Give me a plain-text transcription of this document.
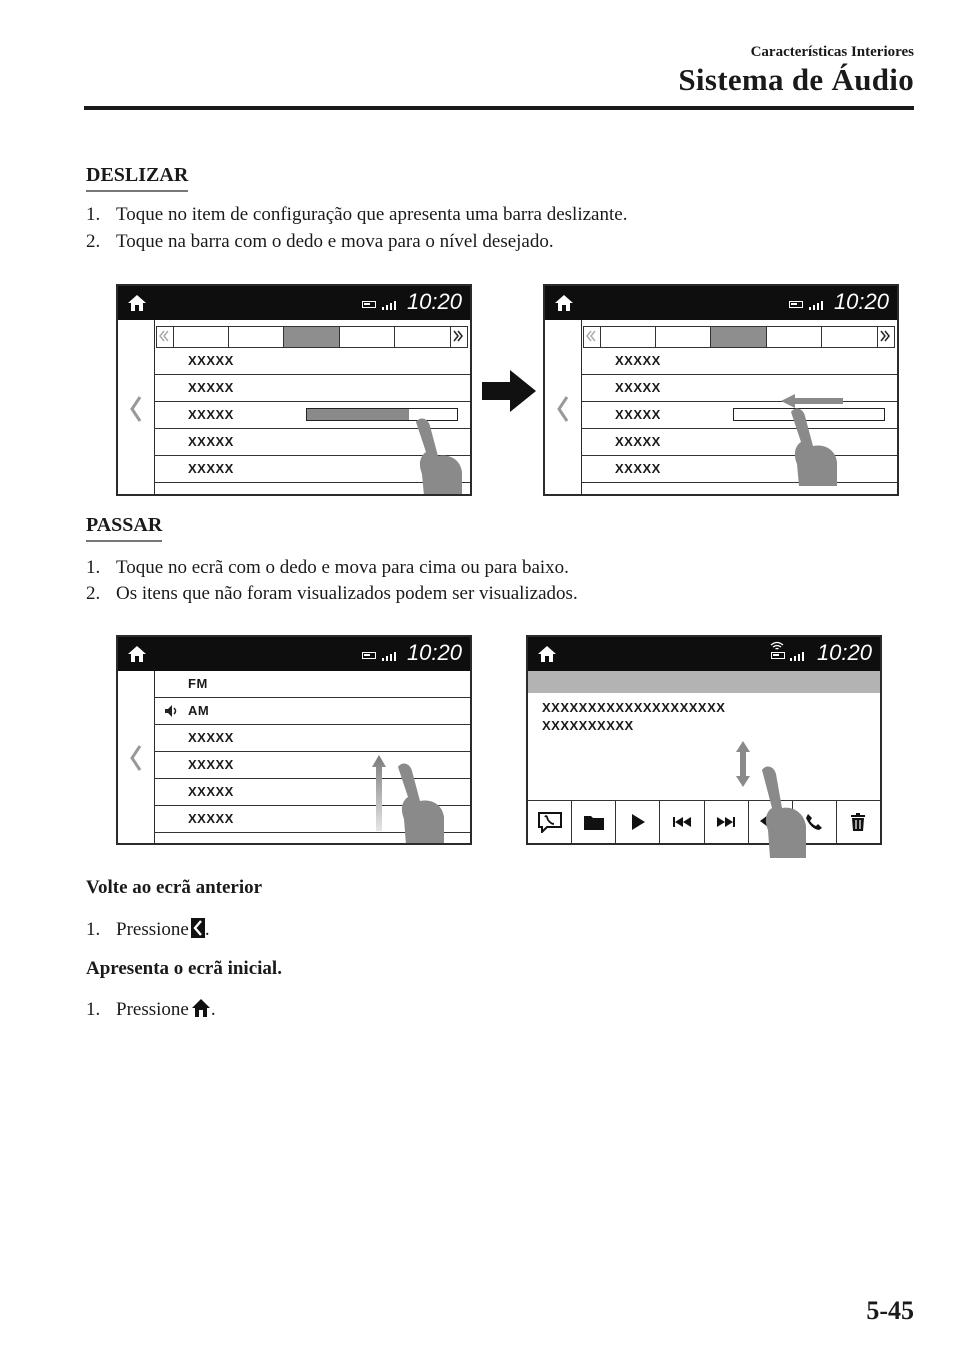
Características Interiores
Sistema de Áudio
DESLIZAR
1. Toque no item de configuração que apresenta uma barra deslizante.
2. Toque na barra com o dedo e mova para o nível desejado.
10:20
XXXXX
XXXXX
XXXXX
XXXXX
XXXXX
10:20
XXXXX
XXXXX
XXXXX
XXXXX
XXXXX
PASSAR
1. Toque no ecrã com o dedo e mova para cima ou para baixo.
2. Os itens que não foram visualizados podem ser visualizados.
10:20
FM
AM
XXXXX
XXXXX
XXXXX
XXXXX
10:20
XXXXXXXXXXXXXXXXXXXX
XXXXXXXXXX
Volte ao ecrã anterior
1. Pressione .
Apresenta o ecrã inicial.
1. Pressione .
5-45
